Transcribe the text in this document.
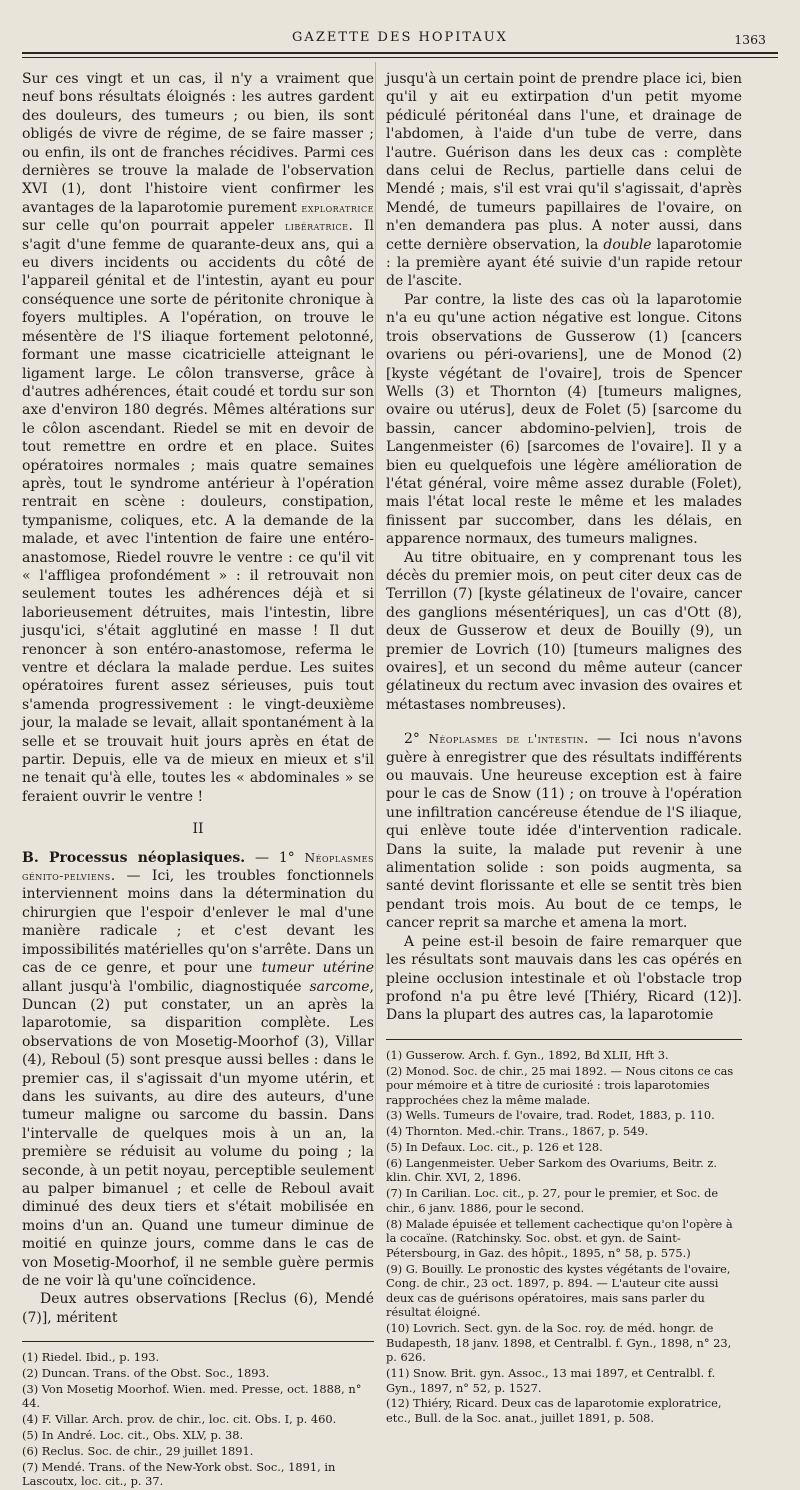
GAZETTE DES HOPITAUX	1363

Sur ces vingt et un cas, il n'y a vraiment que neuf bons résultats éloignés : les autres gardent des douleurs, des tumeurs ; ou bien, ils sont obligés de vivre de régime, de se faire masser ; ou enfin, ils ont de franches récidives. Parmi ces dernières se trouve la malade de l'observation XVI (1), dont l'histoire vient confirmer les avantages de la laparotomie purement exploratrice sur celle qu'on pourrait appeler libératrice. Il s'agit d'une femme de quarante-deux ans, qui a eu divers incidents ou accidents du côté de l'appareil génital et de l'intestin, ayant eu pour conséquence une sorte de péritonite chronique à foyers multiples. A l'opération, on trouve le mésentère de l'S iliaque fortement pelotonné, formant une masse cicatricielle atteignant le ligament large. Le côlon transverse, grâce à d'autres adhérences, était coudé et tordu sur son axe d'environ 180 degrés. Mêmes altérations sur le côlon ascendant. Riedel se mit en devoir de tout remettre en ordre et en place. Suites opératoires normales ; mais quatre semaines après, tout le syndrome antérieur à l'opération rentrait en scène : douleurs, constipation, tympanisme, coliques, etc. A la demande de la malade, et avec l'intention de faire une entéro-anastomose, Riedel rouvre le ventre : ce qu'il vit « l'affligea profondément » : il retrouvait non seulement toutes les adhérences déjà et si laborieusement détruites, mais l'intestin, libre jusqu'ici, s'était agglutiné en masse ! Il dut renoncer à son entéro-anastomose, referma le ventre et déclara la malade perdue. Les suites opératoires furent assez sérieuses, puis tout s'amenda progressivement : le vingt-deuxième jour, la malade se levait, allait spontanément à la selle et se trouvait huit jours après en état de partir. Depuis, elle va de mieux en mieux et s'il ne tenait qu'à elle, toutes les « abdominales » se feraient ouvrir le ventre !

II

B. Processus néoplasiques. — 1° Néoplasmes génito-pelviens. — Ici, les troubles fonctionnels interviennent moins dans la détermination du chirurgien que l'espoir d'enlever le mal d'une manière radicale ; et c'est devant les impossibilités matérielles qu'on s'arrête. Dans un cas de ce genre, et pour une tumeur utérine allant jusqu'à l'ombilic, diagnostiquée sarcome, Duncan (2) put constater, un an après la laparotomie, sa disparition complète. Les observations de von Mosetig-Moorhof (3), Villar (4), Reboul (5) sont presque aussi belles : dans le premier cas, il s'agissait d'un myome utérin, et dans les suivants, au dire des auteurs, d'une tumeur maligne ou sarcome du bassin. Dans l'intervalle de quelques mois à un an, la première se réduisit au volume du poing ; la seconde, à un petit noyau, perceptible seulement au palper bimanuel ; et celle de Reboul avait diminué des deux tiers et s'était mobilisée en moins d'un an. Quand une tumeur diminue de moitié en quinze jours, comme dans le cas de von Mosetig-Moorhof, il ne semble guère permis de ne voir là qu'une coïncidence.

Deux autres observations [Reclus (6), Mendé (7)], méritent

(1) Riedel. Ibid., p. 193.
(2) Duncan. Trans. of the Obst. Soc., 1893.
(3) Von Mosetig Moorhof. Wien. med. Presse, oct. 1888, n° 44.
(4) F. Villar. Arch. prov. de chir., loc. cit. Obs. I, p. 460.
(5) In André. Loc. cit., Obs. XLV, p. 38.
(6) Reclus. Soc. de chir., 29 juillet 1891.
(7) Mendé. Trans. of the New-York obst. Soc., 1891, in Lascoutx, loc. cit., p. 37.

jusqu'à un certain point de prendre place ici, bien qu'il y ait eu extirpation d'un petit myome pédiculé péritonéal dans l'une, et drainage de l'abdomen, à l'aide d'un tube de verre, dans l'autre. Guérison dans les deux cas : complète dans celui de Reclus, partielle dans celui de Mendé ; mais, s'il est vrai qu'il s'agissait, d'après Mendé, de tumeurs papillaires de l'ovaire, on n'en demandera pas plus. A noter aussi, dans cette dernière observation, la double laparotomie : la première ayant été suivie d'un rapide retour de l'ascite.

Par contre, la liste des cas où la laparotomie n'a eu qu'une action négative est longue. Citons trois observations de Gusserow (1) [cancers ovariens ou péri-ovariens], une de Monod (2) [kyste végétant de l'ovaire], trois de Spencer Wells (3) et Thornton (4) [tumeurs malignes, ovaire ou utérus], deux de Folet (5) [sarcome du bassin, cancer abdomino-pelvien], trois de Langenmeister (6) [sarcomes de l'ovaire]. Il y a bien eu quelquefois une légère amélioration de l'état général, voire même assez durable (Folet), mais l'état local reste le même et les malades finissent par succomber, dans les délais, en apparence normaux, des tumeurs malignes.

Au titre obituaire, en y comprenant tous les décès du premier mois, on peut citer deux cas de Terrillon (7) [kyste gélatineux de l'ovaire, cancer des ganglions mésentériques], un cas d'Ott (8), deux de Gusserow et deux de Bouilly (9), un premier de Lovrich (10) [tumeurs malignes des ovaires], et un second du même auteur (cancer gélatineux du rectum avec invasion des ovaires et métastases nombreuses).

2° Néoplasmes de l'intestin. — Ici nous n'avons guère à enregistrer que des résultats indifférents ou mauvais. Une heureuse exception est à faire pour le cas de Snow (11) ; on trouve à l'opération une infiltration cancéreuse étendue de l'S iliaque, qui enlève toute idée d'intervention radicale. Dans la suite, la malade put revenir à une alimentation solide : son poids augmenta, sa santé devint florissante et elle se sentit très bien pendant trois mois. Au bout de ce temps, le cancer reprit sa marche et amena la mort.

A peine est-il besoin de faire remarquer que les résultats sont mauvais dans les cas opérés en pleine occlusion intestinale et où l'obstacle trop profond n'a pu être levé [Thiéry, Ricard (12)]. Dans la plupart des autres cas, la laparotomie

(1) Gusserow. Arch. f. Gyn., 1892, Bd XLII, Hft 3.
(2) Monod. Soc. de chir., 25 mai 1892. — Nous citons ce cas pour mémoire et à titre de curiosité : trois laparotomies rapprochées chez la même malade.
(3) Wells. Tumeurs de l'ovaire, trad. Rodet, 1883, p. 110.
(4) Thornton. Med.-chir. Trans., 1867, p. 549.
(5) In Defaux. Loc. cit., p. 126 et 128.
(6) Langenmeister. Ueber Sarkom des Ovariums, Beitr. z. klin. Chir. XVI, 2, 1896.
(7) In Carilian. Loc. cit., p. 27, pour le premier, et Soc. de chir., 6 janv. 1886, pour le second.
(8) Malade épuisée et tellement cachectique qu'on l'opère à la cocaïne. (Ratchinsky. Soc. obst. et gyn. de Saint-Pétersbourg, in Gaz. des hôpit., 1895, n° 58, p. 575.)
(9) G. Bouilly. Le pronostic des kystes végétants de l'ovaire, Cong. de chir., 23 oct. 1897, p. 894. — L'auteur cite aussi deux cas de guérisons opératoires, mais sans parler du résultat éloigné.
(10) Lovrich. Sect. gyn. de la Soc. roy. de méd. hongr. de Budapesth, 18 janv. 1898, et Centralbl. f. Gyn., 1898, n° 23, p. 626.
(11) Snow. Brit. gyn. Assoc., 13 mai 1897, et Centralbl. f. Gyn., 1897, n° 52, p. 1527.
(12) Thiéry, Ricard. Deux cas de laparotomie exploratrice, etc., Bull. de la Soc. anat., juillet 1891, p. 508.
